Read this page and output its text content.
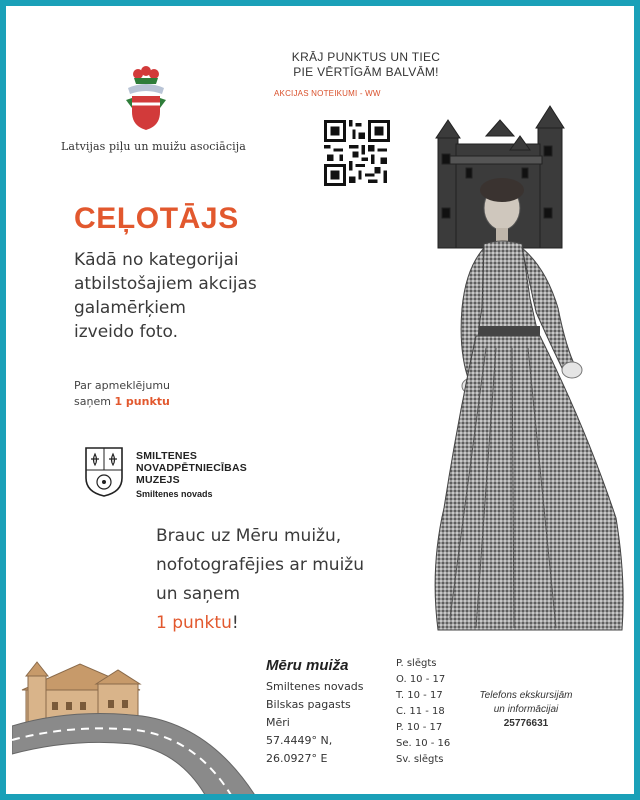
Latvijas piļu un muižu asociācija
KRĀJ PUNKTUS UN TIEC
PIE VĒRTĪGĀM BALVĀM!
AKCIJAS NOTEIKUMI - WW
CEĻOTĀJS
Kādā no kategorijai
atbilstošajiem akcijas
galamērķiem
izveido foto.
Par apmeklējumu
saņem 1 punktu
SMILTENES
NOVADPĒTNIECĪBAS
MUZEJS
Smiltenes novads
Brauc uz Mēru muižu,
nofotografējies ar muižu
un saņem
1 punktu!
Mēru muiža
Smiltenes novads
Bilskas pagasts
Mēri
57.4449° N,
26.0927° E
P. slēgts
O. 10 - 17
T. 10 - 17
C. 11 - 18
P. 10 - 17
Se. 10 - 16
Sv. slēgts
Telefons ekskursijām
un informācijai
25776631
